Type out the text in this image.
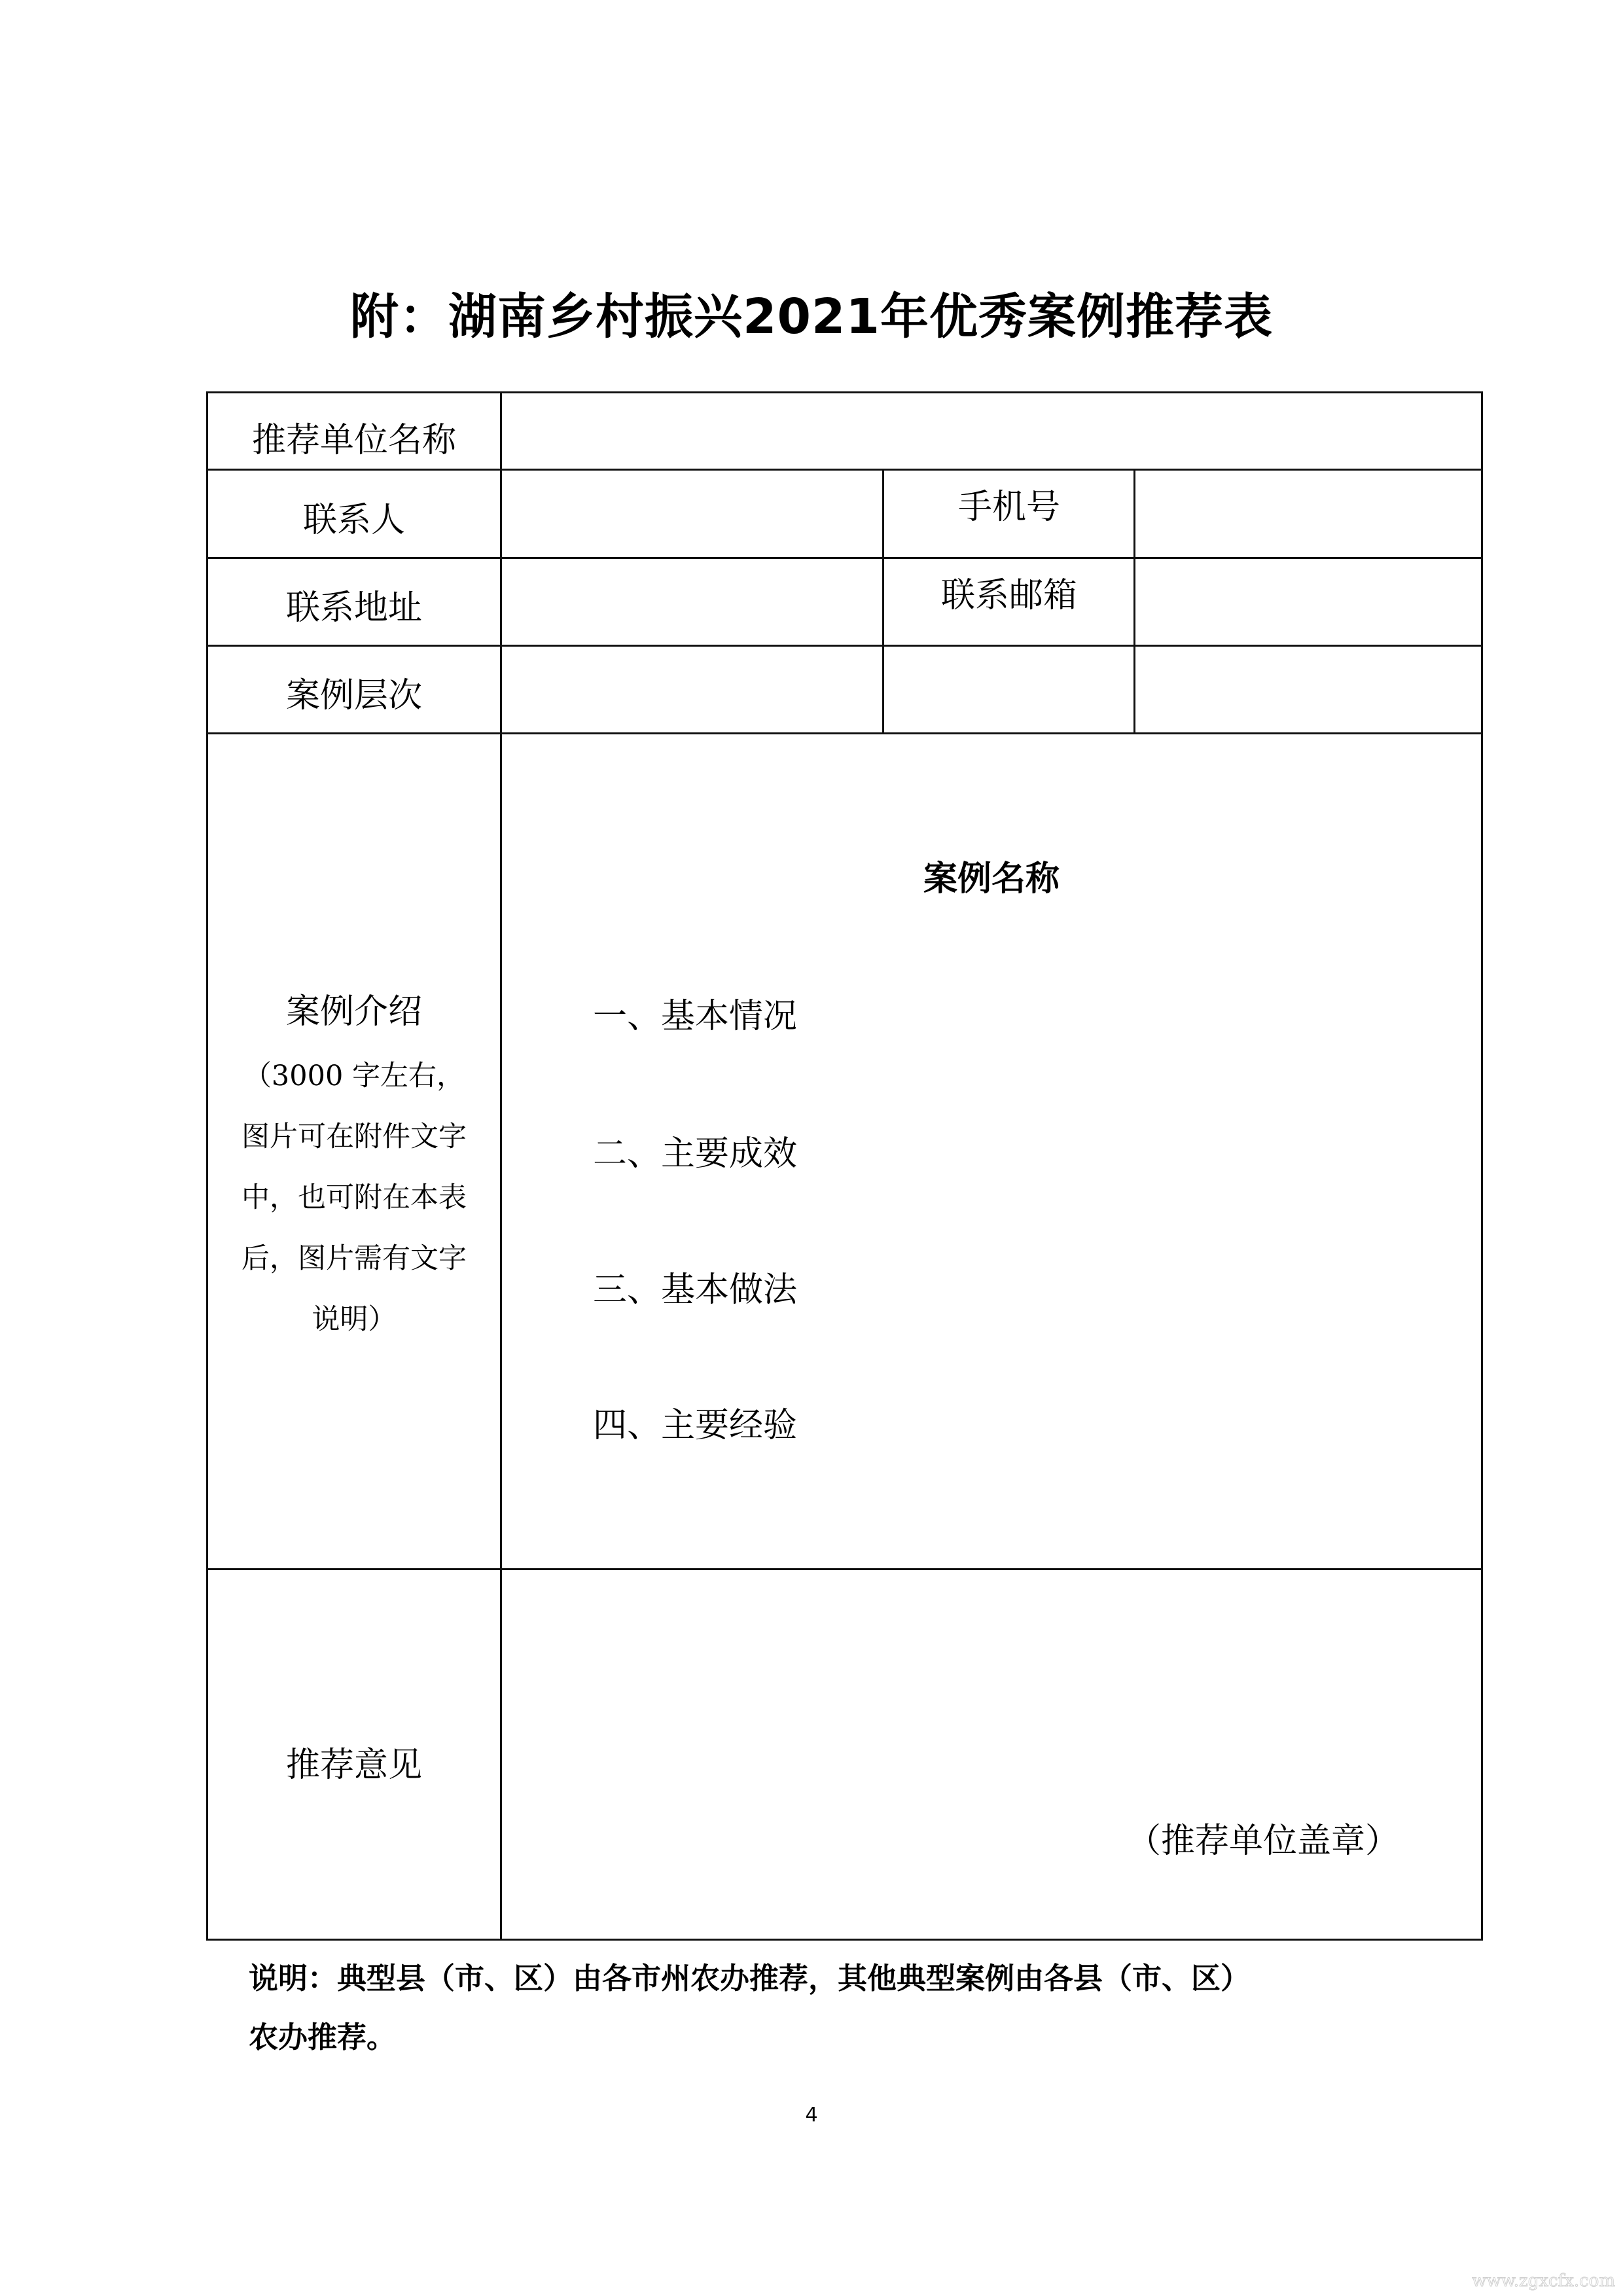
附：湖南乡村振兴2021年优秀案例推荐表
推荐单位名称
联系人	手机号
联系地址	联系邮箱
案例层次
案例介绍
（3000 字左右，
图片可在附件文字
中，也可附在本表
后，图片需有文字
说明）
案例名称
一、基本情况
二、主要成效
三、基本做法
四、主要经验
推荐意见
（推荐单位盖章）
说明：典型县（市、区）由各市州农办推荐，其他典型案例由各县（市、区）
农办推荐。
4
www.zgxcfx.com
